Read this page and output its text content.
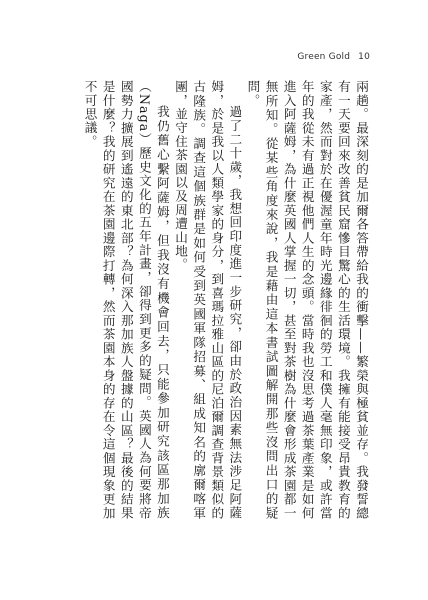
Green Gold 10

兩趟。最深刻的是加爾各答帶給我的衝擊——繁榮與極貧並存。我發誓總有一天要回來改善貧民窟慘目驚心的生活環境。我擁有能接受昂貴教育的家產，然而對於在優渥童年時光邊緣徘徊的勞工和僕人毫無印象，或許當年的我從未有過正視他們人生的念頭。當時我也沒思考過茶葉產業是如何進入阿薩姆，為什麼英國人掌握一切，甚至對茶樹為什麼會形成茶園都一無所知。從某些角度來說，我是藉由這本書試圖解開那些沒問出口的疑問。

過了二十歲，我想回印度進一步研究，卻由於政治因素無法涉足阿薩姆，於是我以人類學家的身分，到喜瑪拉雅山區的尼泊爾調查背景類似的古隆族。調查這個族群是如何受到英國軍隊招募、組成知名的廓爾喀軍團，並守住茶園以及周遭山地。

我仍舊心繫阿薩姆，但我沒有機會回去，只能參加研究該區那加族（Naga）歷史文化的五年計畫，卻得到更多的疑問。英國人為何要將帝國勢力擴展到遙遠的東北部？為何深入那加族人盤據的山區？最後的結果是什麼？我的研究在茶園邊際打轉，然而茶園本身的存在令這個現象更加不可思議。
